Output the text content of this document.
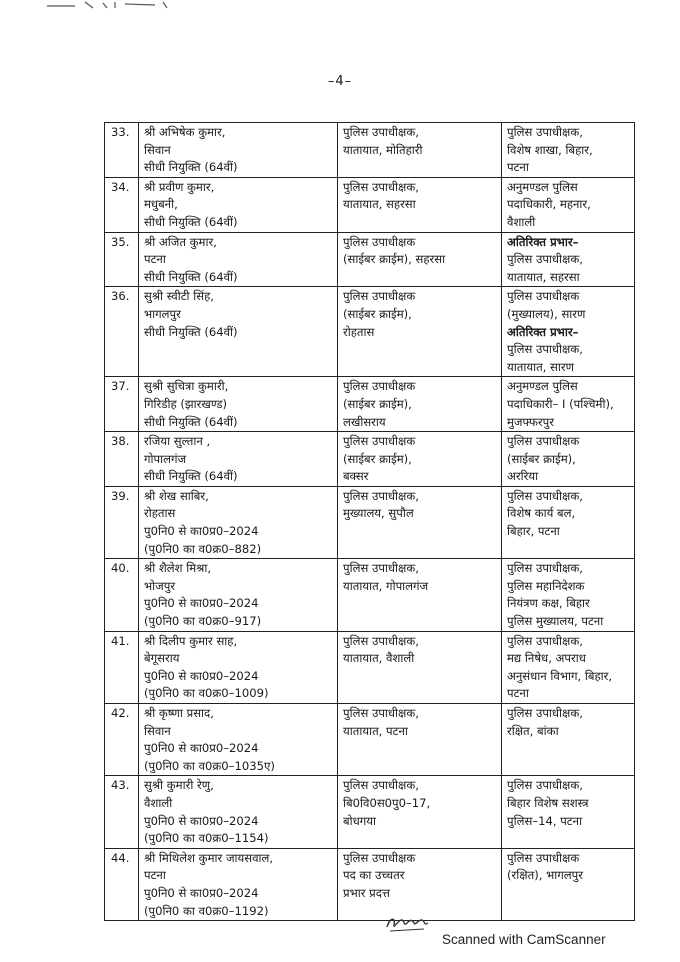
–4–
33.	श्री अभिषेक कुमार,
सिवान
सीधी नियुक्ति (64वीं)	पुलिस उपाधीक्षक,
यातायात, मोतिहारी	पुलिस उपाधीक्षक,
विशेष शाखा, बिहार,
पटना

34.	श्री प्रवीण कुमार,
मधुबनी,
सीधी नियुक्ति (64वीं)	पुलिस उपाधीक्षक,
यातायात, सहरसा	अनुमण्डल पुलिस
पदाधिकारी, महनार,
वैशाली

35.	श्री अजित कुमार,
पटना
सीधी नियुक्ति (64वीं)	पुलिस उपाधीक्षक
(साईबर क्राईम), सहरसा	अतिरिक्त प्रभार–
पुलिस उपाधीक्षक,
यातायात, सहरसा

36.	सुश्री स्वीटी सिंह,
भागलपुर
सीधी नियुक्ति (64वीं)	पुलिस उपाधीक्षक
(साईबर क्राईम),
रोहतास	पुलिस उपाधीक्षक
(मुख्यालय), सारण
अतिरिक्त प्रभार–
पुलिस उपाधीक्षक,
यातायात, सारण

37.	सुश्री सुचित्रा कुमारी,
गिरिडीह (झारखण्ड)
सीधी नियुक्ति (64वीं)	पुलिस उपाधीक्षक
(साईबर क्राईम),
लखीसराय	अनुमण्डल पुलिस
पदाधिकारी– I (पश्चिमी),
मुजफ्फरपुर

38.	रजिया सुल्तान ,
गोपालगंज
सीधी नियुक्ति (64वीं)	पुलिस उपाधीक्षक
(साईबर क्राईम),
बक्सर	पुलिस उपाधीक्षक
(साईबर क्राईम),
अररिया

39.	श्री शेख साबिर,
रोहतास
पु0नि0 से का0प्र0–2024
(पु0नि0 का व0क्र0–882)	पुलिस उपाधीक्षक,
मुख्यालय, सुपौल	पुलिस उपाधीक्षक,
विशेष कार्य बल,
बिहार, पटना

40.	श्री शैलेश मिश्रा,
भोजपुर
पु0नि0 से का0प्र0–2024
(पु0नि0 का व0क्र0–917)	पुलिस उपाधीक्षक,
यातायात, गोपालगंज	पुलिस उपाधीक्षक,
पुलिस महानिदेशक
नियंत्रण कक्ष, बिहार
पुलिस मुख्यालय, पटना

41.	श्री दिलीप कुमार साह,
बेगूसराय
पु0नि0 से का0प्र0–2024
(पु0नि0 का व0क्र0–1009)	पुलिस उपाधीक्षक,
यातायात, वैशाली	पुलिस उपाधीक्षक,
मद्य निषेध, अपराध
अनुसंधान विभाग, बिहार,
पटना

42.	श्री कृष्णा प्रसाद,
सिवान
पु0नि0 से का0प्र0–2024
(पु0नि0 का व0क्र0–1035ए)	पुलिस उपाधीक्षक,
यातायात, पटना	पुलिस उपाधीक्षक,
रक्षित, बांका

43.	सुश्री कुमारी रेणु,
वैशाली
पु0नि0 से का0प्र0–2024
(पु0नि0 का व0क्र0–1154)	पुलिस उपाधीक्षक,
बि0वि0स0पु0–17,
बोधगया	पुलिस उपाधीक्षक,
बिहार विशेष सशस्त्र
पुलिस–14, पटना

44.	श्री मिथिलेश कुमार जायसवाल,
पटना
पु0नि0 से का0प्र0–2024
(पु0नि0 का व0क्र0–1192)	पुलिस उपाधीक्षक
पद का उच्चतर
प्रभार प्रदत्त	पुलिस उपाधीक्षक
(रक्षित), भागलपुर
Scanned with CamScanner
